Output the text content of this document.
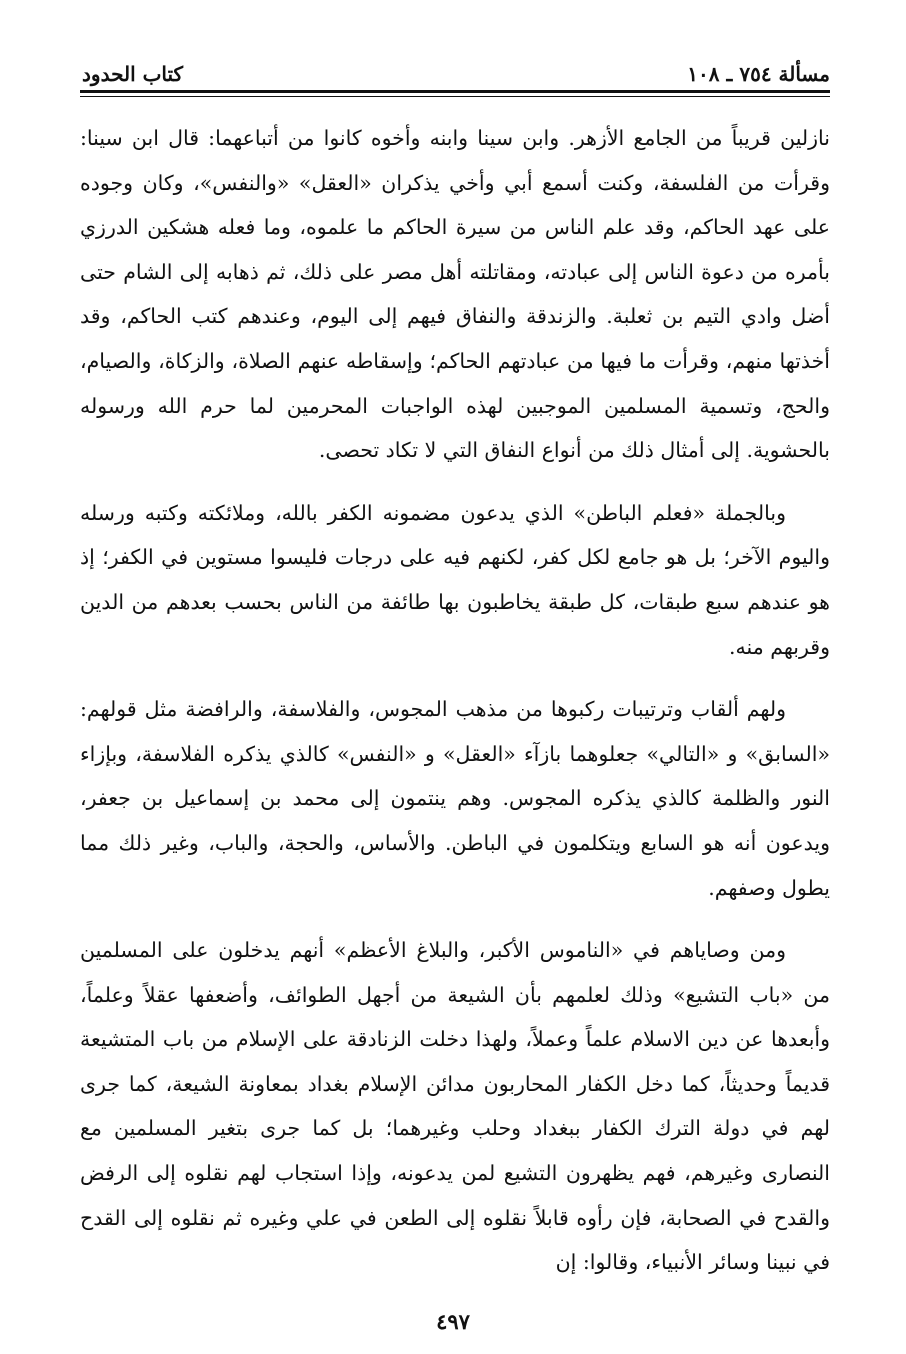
مسألة ٧٥٤ ـ ١٠٨
كتاب الحدود

نازلين قريباً من الجامع الأزهر. وابن سينا وابنه وأخوه كانوا من أتباعهما: قال ابن سينا: وقرأت من الفلسفة، وكنت أسمع أبي وأخي يذكران «العقل» «والنفس»، وكان وجوده على عهد الحاكم، وقد علم الناس من سيرة الحاكم ما علموه، وما فعله هشكين الدرزي بأمره من دعوة الناس إلى عبادته، ومقاتلته أهل مصر على ذلك، ثم ذهابه إلى الشام حتى أضل وادي التيم بن ثعلبة. والزندقة والنفاق فيهم إلى اليوم، وعندهم كتب الحاكم، وقد أخذتها منهم، وقرأت ما فيها من عبادتهم الحاكم؛ وإسقاطه عنهم الصلاة، والزكاة، والصيام، والحج، وتسمية المسلمين الموجبين لهذه الواجبات المحرمين لما حرم الله ورسوله بالحشوية. إلى أمثال ذلك من أنواع النفاق التي لا تكاد تحصى.

وبالجملة «فعلم الباطن» الذي يدعون مضمونه الكفر بالله، وملائكته وكتبه ورسله واليوم الآخر؛ بل هو جامع لكل كفر، لكنهم فيه على درجات فليسوا مستوين في الكفر؛ إذ هو عندهم سبع طبقات، كل طبقة يخاطبون بها طائفة من الناس بحسب بعدهم من الدين وقربهم منه.

ولهم ألقاب وترتيبات ركبوها من مذهب المجوس، والفلاسفة، والرافضة مثل قولهم: «السابق» و «التالي» جعلوهما بازآء «العقل» و «النفس» كالذي يذكره الفلاسفة، وبإزاء النور والظلمة كالذي يذكره المجوس. وهم ينتمون إلى محمد بن إسماعيل بن جعفر، ويدعون أنه هو السابع ويتكلمون في الباطن. والأساس، والحجة، والباب، وغير ذلك مما يطول وصفهم.

ومن وصاياهم في «الناموس الأكبر، والبلاغ الأعظم» أنهم يدخلون على المسلمين من «باب التشيع» وذلك لعلمهم بأن الشيعة من أجهل الطوائف، وأضعفها عقلاً وعلماً، وأبعدها عن دين الاسلام علماً وعملاً، ولهذا دخلت الزنادقة على الإسلام من باب المتشيعة قديماً وحديثاً، كما دخل الكفار المحاربون مدائن الإسلام بغداد بمعاونة الشيعة، كما جرى لهم في دولة الترك الكفار ببغداد وحلب وغيرهما؛ بل كما جرى بتغير المسلمين مع النصارى وغيرهم، فهم يظهرون التشيع لمن يدعونه، وإذا استجاب لهم نقلوه إلى الرفض والقدح في الصحابة، فإن رأوه قابلاً نقلوه إلى الطعن في علي وغيره ثم نقلوه إلى القدح في نبينا وسائر الأنبياء، وقالوا: إن

٤٩٧
